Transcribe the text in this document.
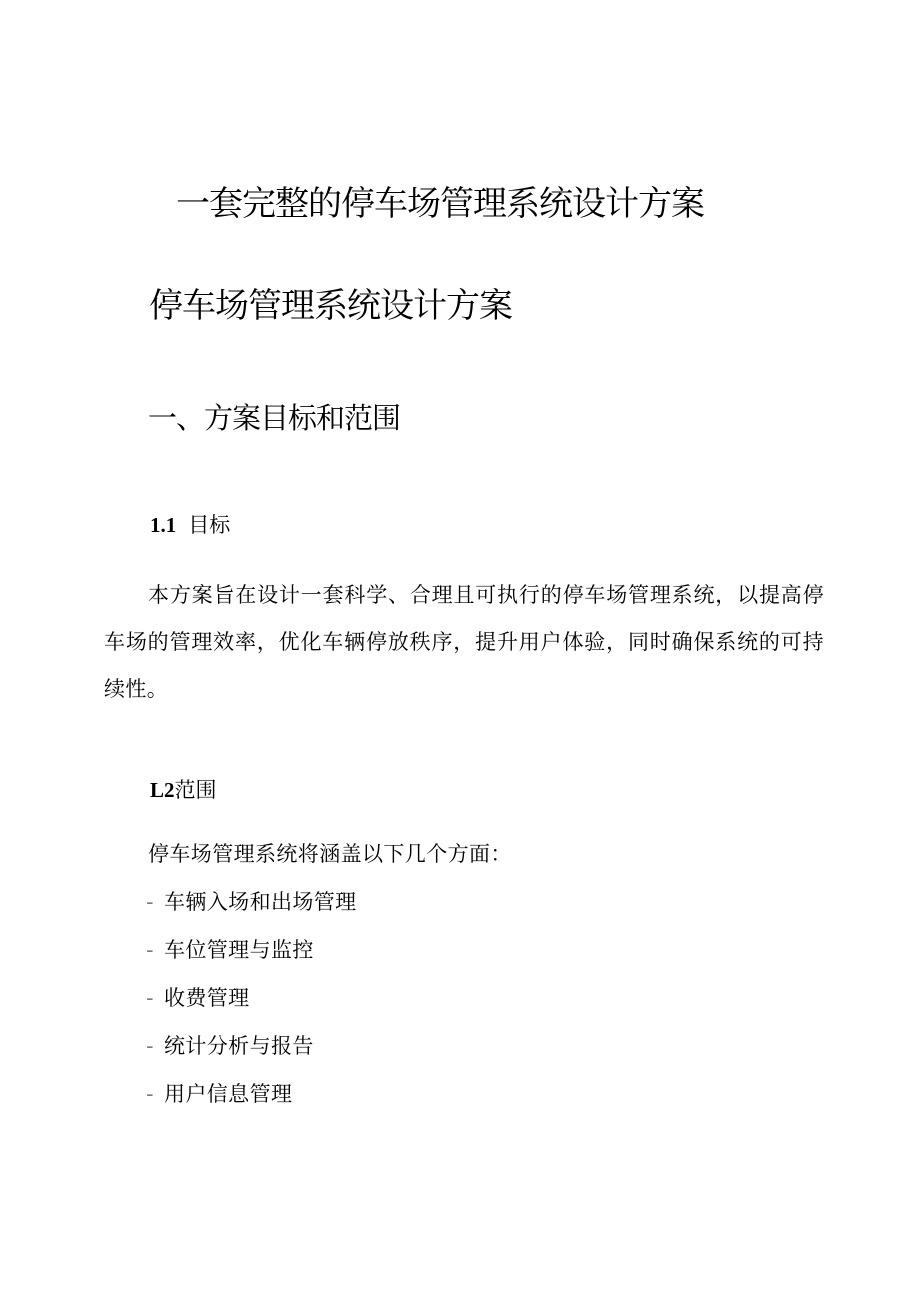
一套完整的停车场管理系统设计方案
停车场管理系统设计方案
一、方案目标和范围
1.1 目标
本方案旨在设计一套科学、合理且可执行的停车场管理系统，以提高停车场的管理效率，优化车辆停放秩序，提升用户体验，同时确保系统的可持续性。
L2范围
停车场管理系统将涵盖以下几个方面：
- 车辆入场和出场管理
- 车位管理与监控
- 收费管理
- 统计分析与报告
- 用户信息管理
